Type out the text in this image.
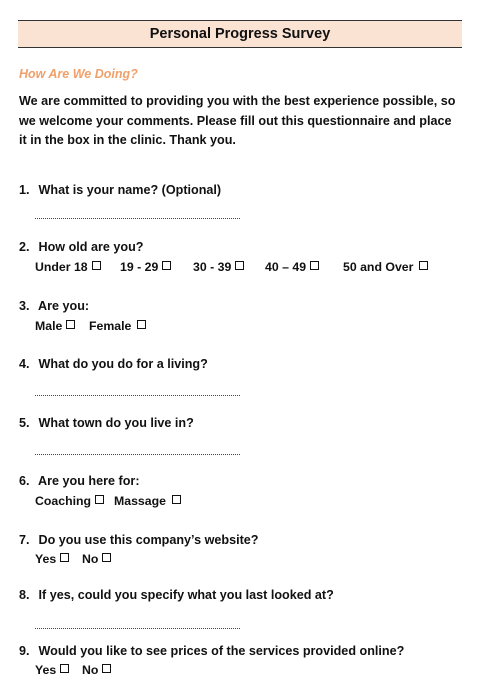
Personal Progress Survey
How Are We Doing?
We are committed to providing you with the best experience possible, so we welcome your comments. Please fill out this questionnaire and place it in the box in the clinic. Thank you.
1. What is your name? (Optional)
2. How old are you?
Under 18	19 - 29	30 - 39	40 – 49	50 and Over
3. Are you:
Male	Female
4. What do you do for a living?
5. What town do you live in?
6. Are you here for:
Coaching	Massage
7. Do you use this company’s website?
Yes	No
8. If yes, could you specify what you last looked at?
9. Would you like to see prices of the services provided online?
Yes	No
